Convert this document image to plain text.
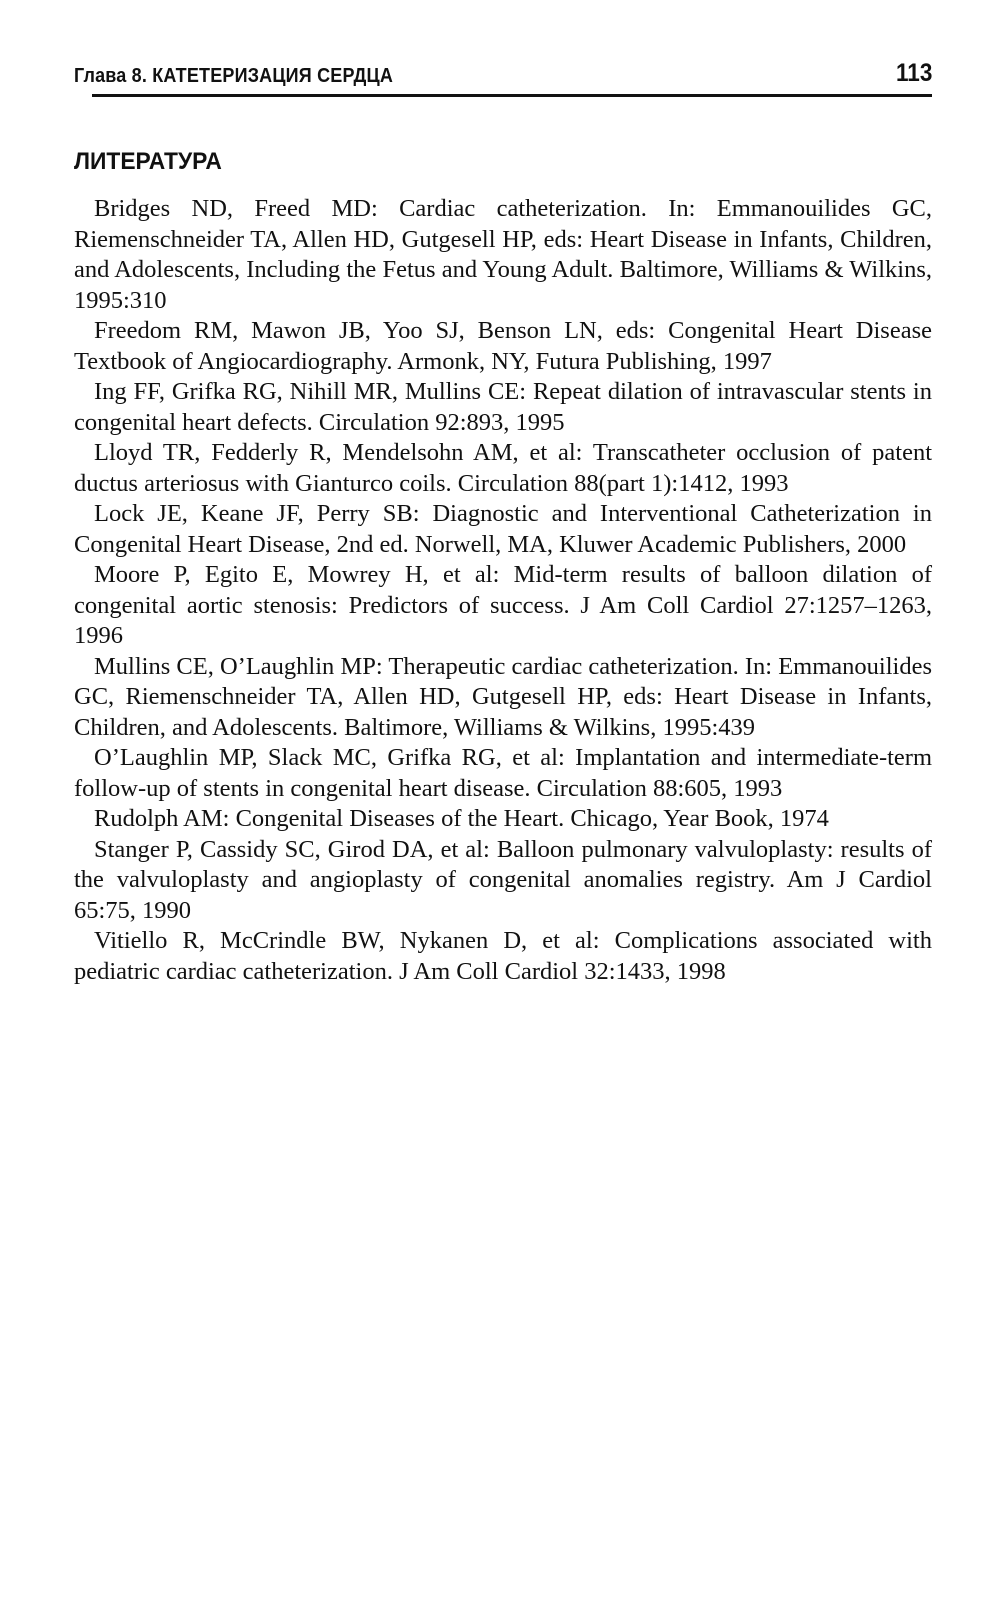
Глава 8. КАТЕТЕРИЗАЦИЯ СЕРДЦА	113
ЛИТЕРАТУРА
Bridges ND, Freed MD: Cardiac catheterization. In: Emmanouilides GC, Riemenschneider TA, Allen HD, Gutgesell HP, eds: Heart Disease in Infants, Children, and Adolescents, Including the Fetus and Young Adult. Baltimore, Williams & Wilkins, 1995:310
Freedom RM, Mawon JB, Yoo SJ, Benson LN, eds: Congenital Heart Disease Textbook of Angiocardiography. Armonk, NY, Futura Publishing, 1997
Ing FF, Grifka RG, Nihill MR, Mullins CE: Repeat dilation of intravascular stents in congenital heart defects. Circulation 92:893, 1995
Lloyd TR, Fedderly R, Mendelsohn AM, et al: Transcatheter occlusion of patent ductus arteriosus with Gianturco coils. Circulation 88(part 1):1412, 1993
Lock JE, Keane JF, Perry SB: Diagnostic and Interventional Catheterization in Congenital Heart Disease, 2nd ed. Norwell, MA, Kluwer Academic Publishers, 2000
Moore P, Egito E, Mowrey H, et al: Mid-term results of balloon dilation of congenital aortic stenosis: Predictors of success. J Am Coll Cardiol 27:1257–1263, 1996
Mullins CE, O’Laughlin MP: Therapeutic cardiac catheterization. In: Emmanouilides GC, Riemenschneider TA, Allen HD, Gutgesell HP, eds: Heart Disease in Infants, Children, and Adolescents. Baltimore, Williams & Wilkins, 1995:439
O’Laughlin MP, Slack MC, Grifka RG, et al: Implantation and intermediate-term follow-up of stents in congenital heart disease. Circulation 88:605, 1993
Rudolph AM: Congenital Diseases of the Heart. Chicago, Year Book, 1974
Stanger P, Cassidy SC, Girod DA, et al: Balloon pulmonary valvuloplasty: results of the valvuloplasty and angioplasty of congenital anomalies registry. Am J Cardiol 65:75, 1990
Vitiello R, McCrindle BW, Nykanen D, et al: Complications associated with pediatric cardiac catheterization. J Am Coll Cardiol 32:1433, 1998
